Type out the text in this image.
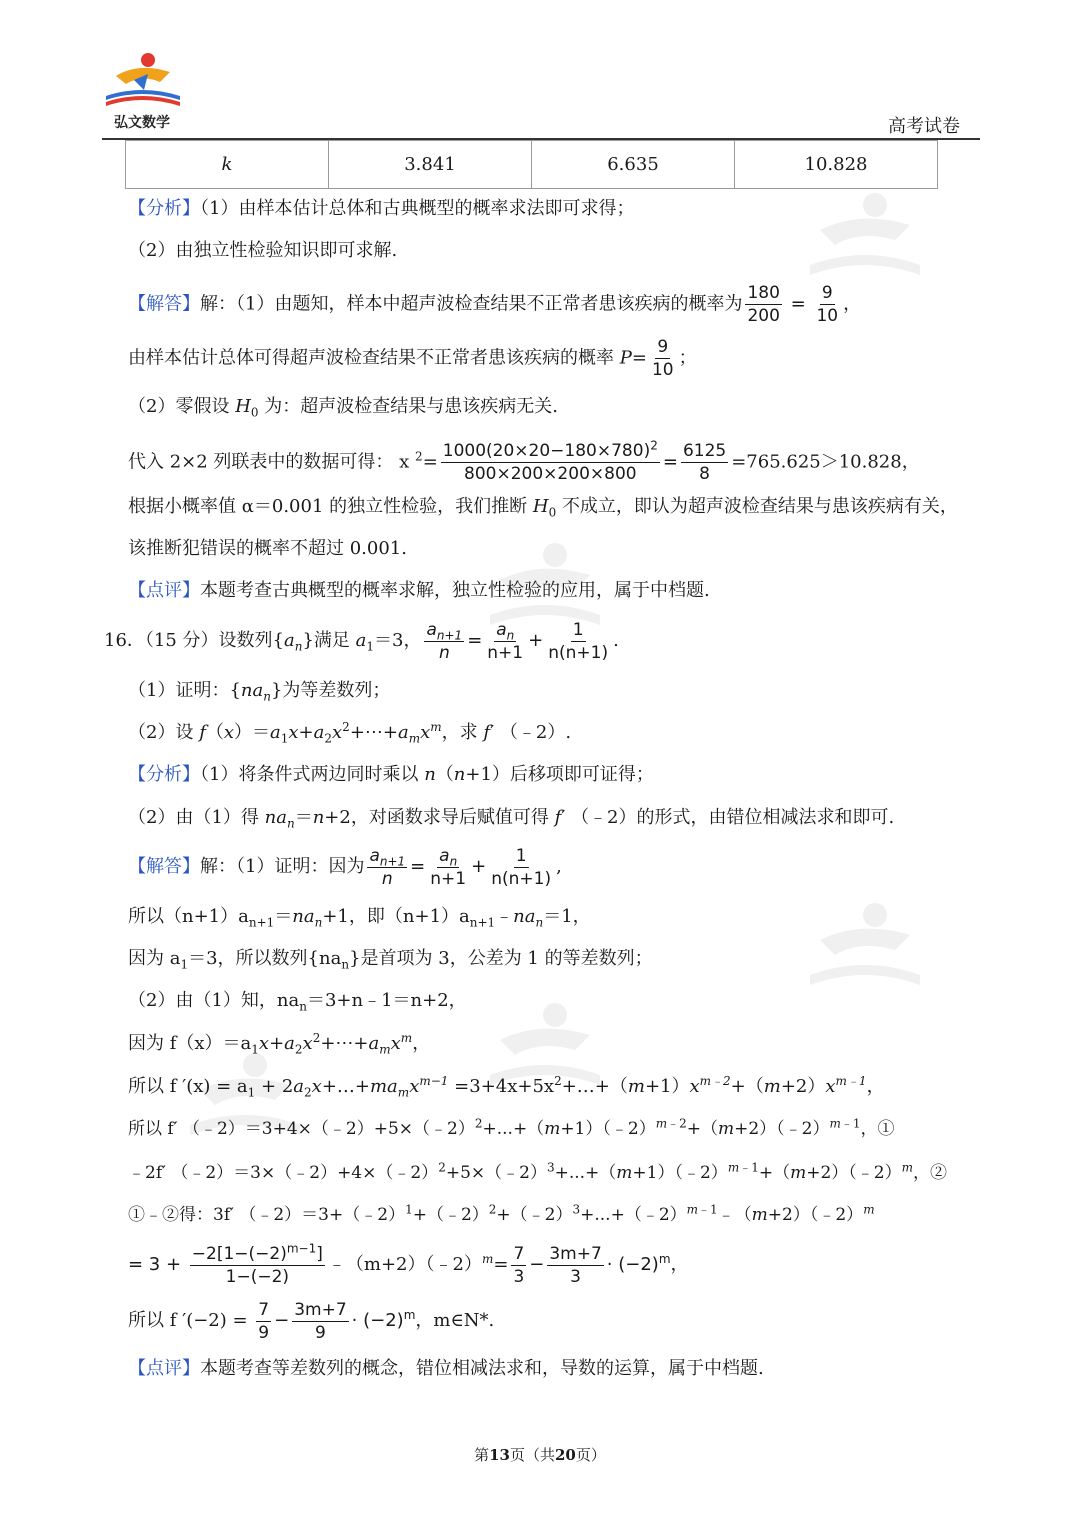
弘文数学	高考试卷
k	3.841	6.635	10.828
【分析】（1）由样本估计总体和古典概型的概率求法即可求得；
（2）由独立性检验知识即可求解.
【解答】解：（1）由题知，样本中超声波检查结果不正常者患该疾病的概率为 $\frac{180}{200} = \frac{9}{10}$ ，
由样本估计总体可得超声波检查结果不正常者患该疾病的概率 $P= \frac{9}{10}$ ；
（2）零假设 $H_0$ 为：超声波检查结果与患该疾病无关.
代入 2×2 列联表中的数据可得： x $^2= \frac{1000(20\times 20-180\times 780)^2}{800\times 200\times 200\times 800} = \frac{6125}{8} =765.625>10.828$，
根据小概率值 α＝0.001 的独立性检验，我们推断 $H_0$ 不成立，即认为超声波检查结果与患该疾病有关，
该推断犯错误的概率不超过 0.001.
【点评】本题考查古典概型的概率求解，独立性检验的应用，属于中档题.
16．（15 分）设数列$\{a_n\}$满足 $a_1=3$， $\frac{a_{n+1}}{n} = \frac{a_n}{n+1} + \frac{1}{n(n+1)}$ .
（1）证明：$\{na_n\}$为等差数列；
（2）设 $f(x)=a_1x+a_2x^2+\cdots+a_mx^m$，求 f′ （﹣2）.
【分析】（1）将条件式两边同时乘以 n（n+1）后移项即可证得；
（2）由（1）得 $na_n=n+2$，对函数求导后赋值可得 f′ （﹣2）的形式，由错位相减法求和即可.
【解答】解：（1）证明：因为 $\frac{a_{n+1}}{n} = \frac{a_n}{n+1} + \frac{1}{n(n+1)}$ ,
所以$(n+1)a_{n+1}=na_n+1$，即$(n+1)a_{n+1}﹣na_n=1$，
因为 $a_1=3$，所以数列$\{na_n\}$是首项为 3，公差为 1 的等差数列；
（2）由（1）知，$na_n=3+n﹣1=n+2$，
因为 $f(x)=a_1x+a_2x^2+\cdots+a_mx^m$，
所以 f $'(x) = a_1$ + $2a_2x+\dots+ma_mx^{m-1}$ $=3+4x+5x^2+\dots+(m+1)x^{m﹣2}+(m+2)x^{m﹣1}$，
所以 f′ （﹣2）＝3+4×（﹣2）+5×（﹣2）$^2$+...+（m+1）（﹣2）$^{m﹣2}$+（m+2）（﹣2）$^{m﹣1}$，①
﹣2f′ （﹣2）＝3×（﹣2）+4×（﹣2）$^2$+5×（﹣2）$^3$+...+（m+1）（﹣2）$^{m﹣1}$+（m+2）（﹣2）$^m$，②
①﹣②得：3f′ （﹣2）＝3+（﹣2）$^1$+（﹣2）$^2$+（﹣2）$^3$+...+（﹣2）$^{m﹣1}$﹣（m+2）（﹣2）$^m$
= $3 + \frac{-2[1-(-2)^{m-1}]}{1-(-2)}$ ﹣（m+2）（﹣2）$^m$= $\frac{7}{3} - \frac{3m+7}{3} \cdot (-2)^m$，
所以 f $'(-2) = \frac{7}{9} - \frac{3m+7}{9} \cdot (-2)^m$，m∈N*.
【点评】本题考查等差数列的概念，错位相减法求和，导数的运算，属于中档题.
第13页（共20页）
